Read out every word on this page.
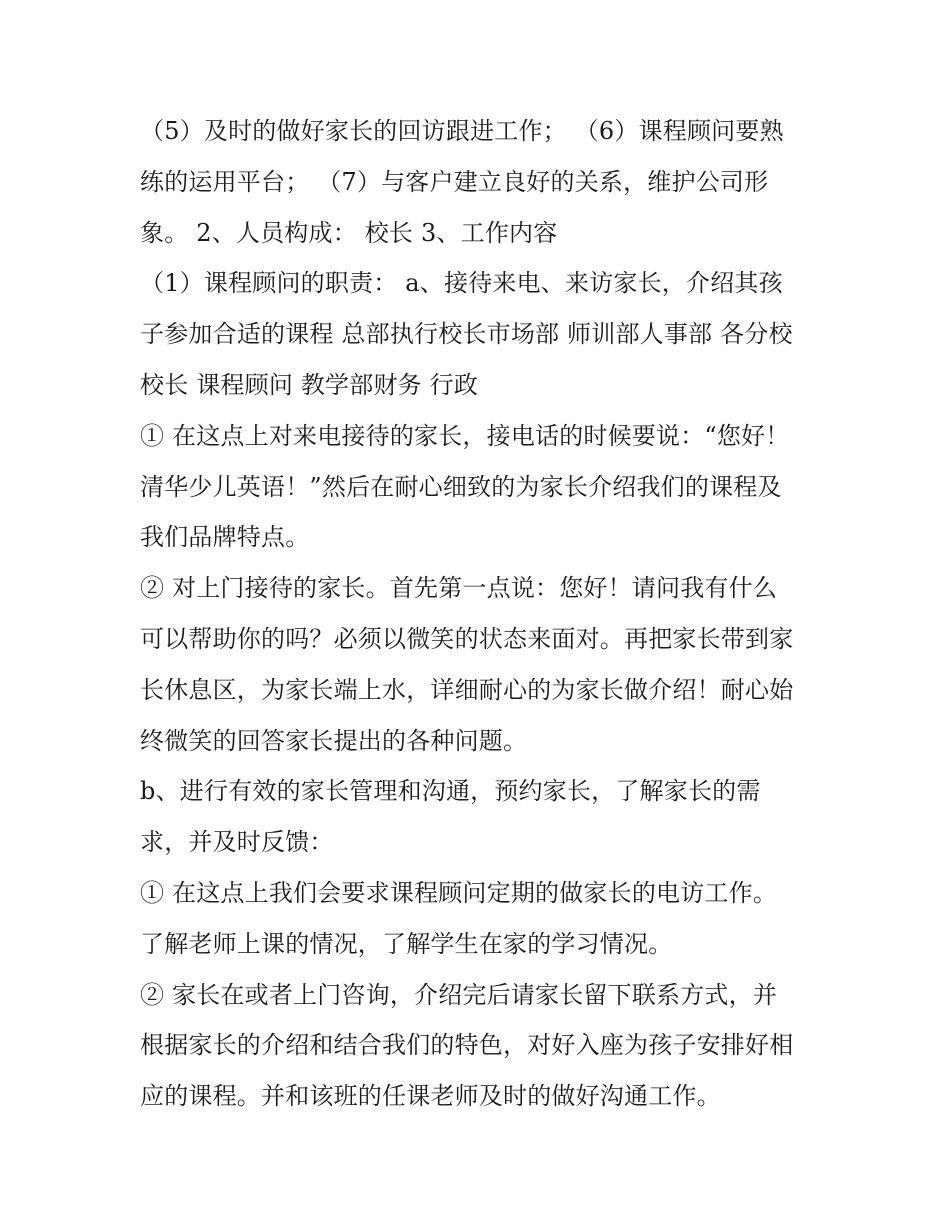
（5）及时的做好家长的回访跟进工作； （6）课程顾问要熟
练的运用平台； （7）与客户建立良好的关系，维护公司形
象。 2、人员构成： 校长 3、工作内容
（1）课程顾问的职责： a、接待来电、来访家长，介绍其孩
子参加合适的课程 总部执行校长市场部 师训部人事部 各分校
校长 课程顾问 教学部财务 行政
① 在这点上对来电接待的家长，接电话的时候要说：“您好！
清华少儿英语！”然后在耐心细致的为家长介绍我们的课程及
我们品牌特点。
② 对上门接待的家长。首先第一点说：您好！请问我有什么
可以帮助你的吗？必须以微笑的状态来面对。再把家长带到家
长休息区，为家长端上水，详细耐心的为家长做介绍！耐心始
终微笑的回答家长提出的各种问题。
b、进行有效的家长管理和沟通，预约家长，了解家长的需
求，并及时反馈：
① 在这点上我们会要求课程顾问定期的做家长的电访工作。
了解老师上课的情况，了解学生在家的学习情况。
② 家长在或者上门咨询，介绍完后请家长留下联系方式，并
根据家长的介绍和结合我们的特色，对好入座为孩子安排好相
应的课程。并和该班的任课老师及时的做好沟通工作。
